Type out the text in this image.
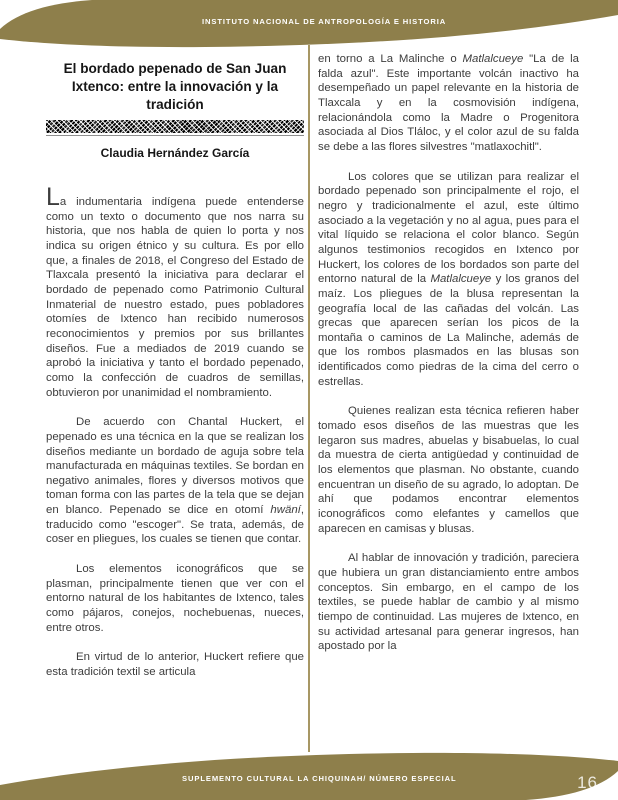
INSTITUTO NACIONAL DE ANTROPOLOGÍA E HISTORIA
El bordado pepenado de San Juan Ixtenco: entre la innovación y la tradición
Claudia Hernández García

La indumentaria indígena puede entenderse como un texto o documento que nos narra su historia, que nos habla de quien lo porta y nos indica su origen étnico y su cultura. Es por ello que, a finales de 2018, el Congreso del Estado de Tlaxcala presentó la iniciativa para declarar el bordado de pepenado como Patrimonio Cultural Inmaterial de nuestro estado, pues pobladores otomíes de Ixtenco han recibido numerosos reconocimientos y premios por sus brillantes diseños. Fue a mediados de 2019 cuando se aprobó la iniciativa y tanto el bordado pepenado, como la confección de cuadros de semillas, obtuvieron por unanimidad el nombramiento.

De acuerdo con Chantal Huckert, el pepenado es una técnica en la que se realizan los diseños mediante un bordado de aguja sobre tela manufacturada en máquinas textiles. Se bordan en negativo animales, flores y diversos motivos que toman forma con las partes de la tela que se dejan en blanco. Pepenado se dice en otomí hwäní, traducido como "escoger". Se trata, además, de coser en pliegues, los cuales se tienen que contar.

Los elementos iconográficos que se plasman, principalmente tienen que ver con el entorno natural de los habitantes de Ixtenco, tales como pájaros, conejos, nochebuenas, nueces, entre otros.

En virtud de lo anterior, Huckert refiere que esta tradición textil se articula

en torno a La Malinche o Matlalcueye "La de la falda azul". Este importante volcán inactivo ha desempeñado un papel relevante en la historia de Tlaxcala y en la cosmovisión indígena, relacionándola como la Madre o Progenitora asociada al Dios Tláloc, y el color azul de su falda se debe a las flores silvestres "matlaxochitl".

Los colores que se utilizan para realizar el bordado pepenado son principalmente el rojo, el negro y tradicionalmente el azul, este último asociado a la vegetación y no al agua, pues para el vital líquido se relaciona el color blanco. Según algunos testimonios recogidos en Ixtenco por Huckert, los colores de los bordados son parte del entorno natural de la Matlalcueye y los granos del maíz. Los pliegues de la blusa representan la geografía local de las cañadas del volcán. Las grecas que aparecen serían los picos de la montaña o caminos de La Malinche, además de que los rombos plasmados en las blusas son identificados como piedras de la cima del cerro o estrellas.

Quienes realizan esta técnica refieren haber tomado esos diseños de las muestras que les legaron sus madres, abuelas y bisabuelas, lo cual da muestra de cierta antigüedad y continuidad de los elementos que plasman. No obstante, cuando encuentran un diseño de su agrado, lo adoptan. De ahí que podamos encontrar elementos iconográficos como elefantes y camellos que aparecen en camisas y blusas.

Al hablar de innovación y tradición, pareciera que hubiera un gran distanciamiento entre ambos conceptos. Sin embargo, en el campo de los textiles, se puede hablar de cambio y al mismo tiempo de continuidad. Las mujeres de Ixtenco, en su actividad artesanal para generar ingresos, han apostado por la

SUPLEMENTO CULTURAL LA CHIQUINAH/ NÚMERO ESPECIAL	16
